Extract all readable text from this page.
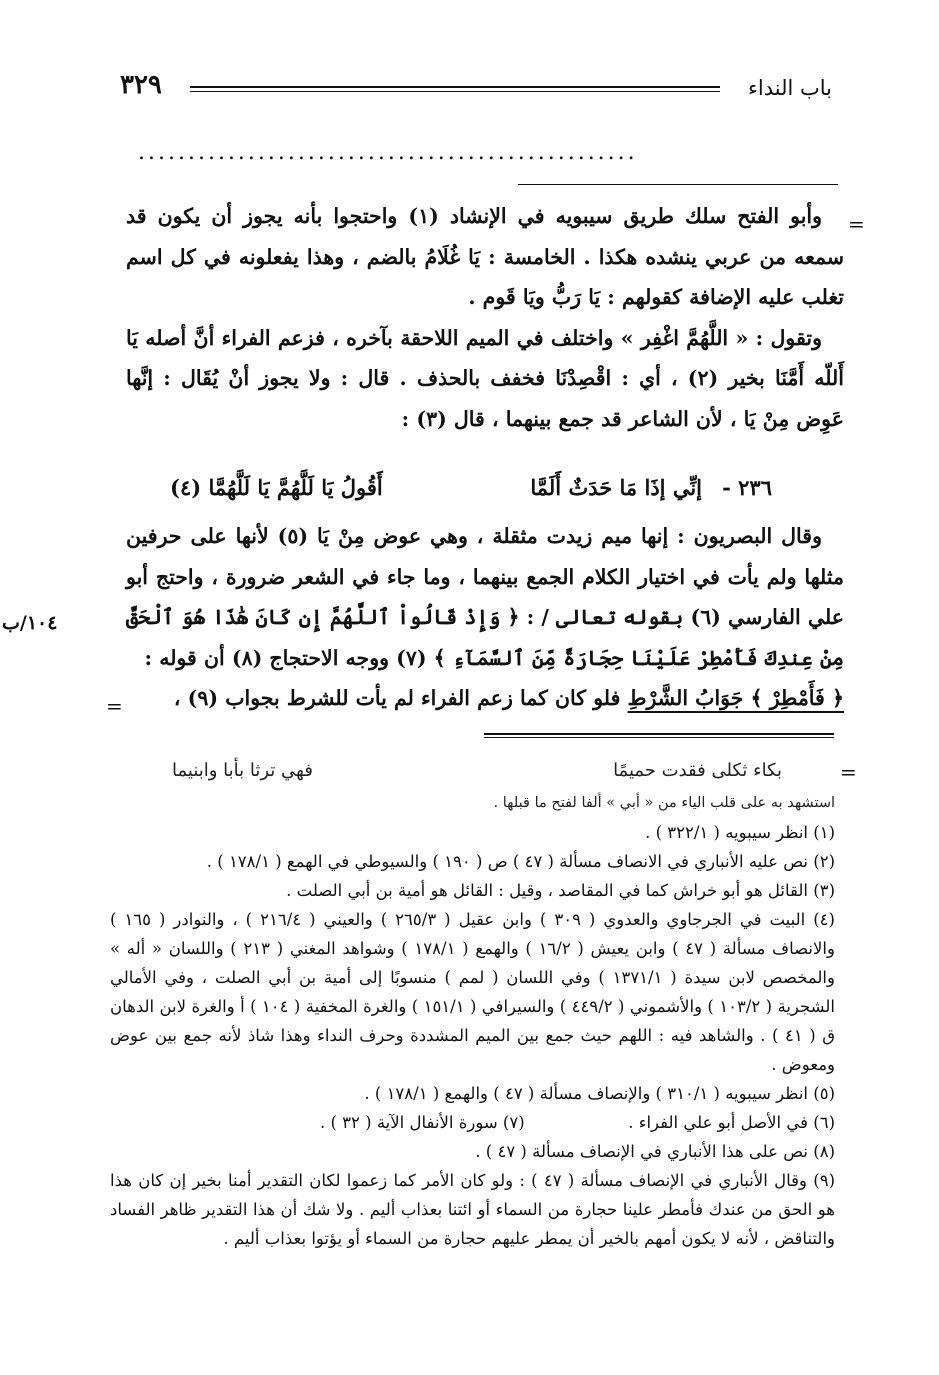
٣٢٩	باب النداء
..................................................
=

وأبو الفتح سلك طريق سيبويه في الإنشاد (١) واحتجوا بأنه يجوز أن يكون قد سمعه من عربي ينشده هكذا . الخامسة : يَا غُلَامُ بالضم ، وهذا يفعلونه في كل اسم تغلب عليه الإضافة كقولهم : يَا رَبُّ ويَا قَوم .

وتقول : « اللَّهُمَّ اغْفِر » واختلف في الميم اللاحقة بآخره ، فزعم الفراء أنَّ أصله يَا أَللّه أَمَّنَا بخير (٢) ، أي : اقْصِدْنَا فخفف بالحذف . قال : ولا يجوز أنْ يُقَال : إنَّها عَوِض مِنْ يَا ، لأن الشاعر قد جمع بينهما ، قال (٣) :

٢٣٦ -
إنِّي إذَا مَا حَدَثٌ أَلَمَّا
أَقُولُ يَا لَلَّهُمَّ يَا لَلَّهُمَّا (٤)

وقال البصريون : إنها ميم زيدت مثقلة ، وهي عوض مِنْ يَا (٥) لأنها على حرفين مثلها ولم يأت في اختيار الكلام الجمع بينهما ، وما جاء في الشعر ضرورة ، واحتج أبو علي الفارسي (٦) بقوله تعالى / : ﴿ وَإِذْ قَالُواْ ٱللَّهُمَّ إِن كَانَ هَٰذَا هُوَ ٱلْحَقَّ مِنْ عِندِكَ فَأَمْطِرْ عَلَيْنَا حِجَارَةً مِّنَ ٱلسَّمَآءِ ﴾ (٧) ووجه الاحتجاج (٨) أن قوله :

﴿ فَأَمْطِرْ ﴾ جَوَابُ الشَّرْطِ فلو كان كما زعم الفراء لم يأت للشرط بجواب (٩) ،

١٠٤/ب
=
=
بكاء ثكلى فقدت حميمًا
فهي ترثا بأبا وابنيما

استشهد به على قلب الياء من « أبي » ألفا لفتح ما قبلها .

(١) انظر سيبويه ( ٣٢٢/١ ) .

(٢) نص عليه الأنباري في الانصاف مسألة ( ٤٧ ) ص ( ١٩٠ ) والسيوطي في الهمع ( ١٧٨/١ ) .

(٣) القائل هو أبو خراش كما في المقاصد ، وقيل : القائل هو أمية بن أبي الصلت .

(٤) البيت في الجرجاوي والعدوي ( ٣٠٩ ) وابن عقيل ( ٢٦٥/٣ ) والعيني ( ٢١٦/٤ ) ، والنوادر ( ١٦٥ ) والانصاف مسألة ( ٤٧ ) وابن يعيش ( ١٦/٢ ) والهمع ( ١٧٨/١ ) وشواهد المغني ( ٢١٣ ) واللسان « أله » والمخصص لابن سيدة ( ١٣٧١/١ ) وفي اللسان ( لمم ) منسوبًا إلى أمية بن أبي الصلت ، وفي الأمالي الشجرية ( ١٠٣/٢ ) والأشموني ( ٤٤٩/٢ ) والسيرافي ( ١٥١/١ ) والغرة المخفية ( ١٠٤ ) أ والغرة لابن الدهان ق ( ٤١ ) . والشاهد فيه : اللهم حيث جمع بين الميم المشددة وحرف النداء وهذا شاذ لأنه جمع بين عوض ومعوض .

(٥) انظر سيبويه ( ٣١٠/١ ) والإنصاف مسألة ( ٤٧ ) والهمع ( ١٧٨/١ ) .

(٦) في الأصل أبو علي الفراء .
(٧) سورة الأنفال الآية ( ٣٢ ) .

(٨) نص على هذا الأنباري في الإنصاف مسألة ( ٤٧ ) .

(٩) وقال الأنباري في الإنصاف مسألة ( ٤٧ ) : ولو كان الأمر كما زعموا لكان التقدير أمنا بخير إن كان هذا هو الحق من عندك فأمطر علينا حجارة من السماء أو ائتنا بعذاب أليم . ولا شك أن هذا التقدير ظاهر الفساد والتناقض ، لأنه لا يكون أمهم بالخير أن يمطر عليهم حجارة من السماء أو يؤتوا بعذاب أليم .
